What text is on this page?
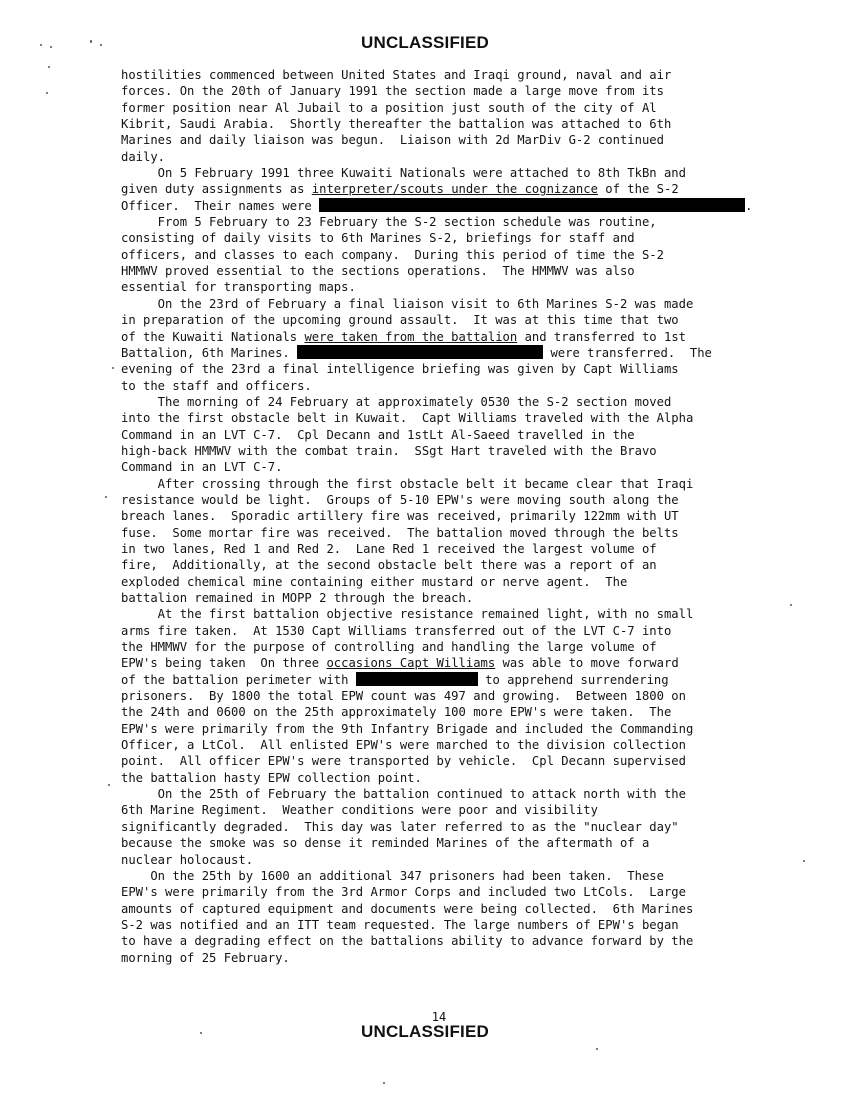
UNCLASSIFIED
hostilities commenced between United States and Iraqi ground, naval and air
forces. On the 20th of January 1991 the section made a large move from its
former position near Al Jubail to a position just south of the city of Al
Kibrit, Saudi Arabia.  Shortly thereafter the battalion was attached to 6th
Marines and daily liaison was begun.  Liaison with 2d MarDiv G-2 continued
daily.
On 5 February 1991 three Kuwaiti Nationals were attached to 8th TkBn and
given duty assignments as interpreter/scouts under the cognizance of the S-2
Officer.  Their names were	.
From 5 February to 23 February the S-2 section schedule was routine,
consisting of daily visits to 6th Marines S-2, briefings for staff and
officers, and classes to each company.  During this period of time the S-2
HMMWV proved essential to the sections operations.  The HMMWV was also
essential for transporting maps.
On the 23rd of February a final liaison visit to 6th Marines S-2 was made
in preparation of the upcoming ground assault.  It was at this time that two
of the Kuwaiti Nationals were taken from the battalion and transferred to 1st
Battalion, 6th Marines.	were transferred.  The
evening of the 23rd a final intelligence briefing was given by Capt Williams
to the staff and officers.
The morning of 24 February at approximately 0530 the S-2 section moved
into the first obstacle belt in Kuwait.  Capt Williams traveled with the Alpha
Command in an LVT C-7.  Cpl Decann and 1stLt Al-Saeed travelled in the
high-back HMMWV with the combat train.  SSgt Hart traveled with the Bravo
Command in an LVT C-7.
After crossing through the first obstacle belt it became clear that Iraqi
resistance would be light.  Groups of 5-10 EPW's were moving south along the
breach lanes.  Sporadic artillery fire was received, primarily 122mm with UT
fuse.  Some mortar fire was received.  The battalion moved through the belts
in two lanes, Red 1 and Red 2.  Lane Red 1 received the largest volume of
fire,  Additionally, at the second obstacle belt there was a report of an
exploded chemical mine containing either mustard or nerve agent.  The
battalion remained in MOPP 2 through the breach.
At the first battalion objective resistance remained light, with no small
arms fire taken.  At 1530 Capt Williams transferred out of the LVT C-7 into
the HMMWV for the purpose of controlling and handling the large volume of
EPW's being taken  On three occasions Capt Williams was able to move forward
of the battalion perimeter with	to apprehend surrendering
prisoners.  By 1800 the total EPW count was 497 and growing.  Between 1800 on
the 24th and 0600 on the 25th approximately 100 more EPW's were taken.  The
EPW's were primarily from the 9th Infantry Brigade and included the Commanding
Officer, a LtCol.  All enlisted EPW's were marched to the division collection
point.  All officer EPW's were transported by vehicle.  Cpl Decann supervised
the battalion hasty EPW collection point.
On the 25th of February the battalion continued to attack north with the
6th Marine Regiment.  Weather conditions were poor and visibility
significantly degraded.  This day was later referred to as the "nuclear day"
because the smoke was so dense it reminded Marines of the aftermath of a
nuclear holocaust.
On the 25th by 1600 an additional 347 prisoners had been taken.  These
EPW's were primarily from the 3rd Armor Corps and included two LtCols.  Large
amounts of captured equipment and documents were being collected.  6th Marines
S-2 was notified and an ITT team requested. The large numbers of EPW's began
to have a degrading effect on the battalions ability to advance forward by the
morning of 25 February.
14
UNCLASSIFIED
